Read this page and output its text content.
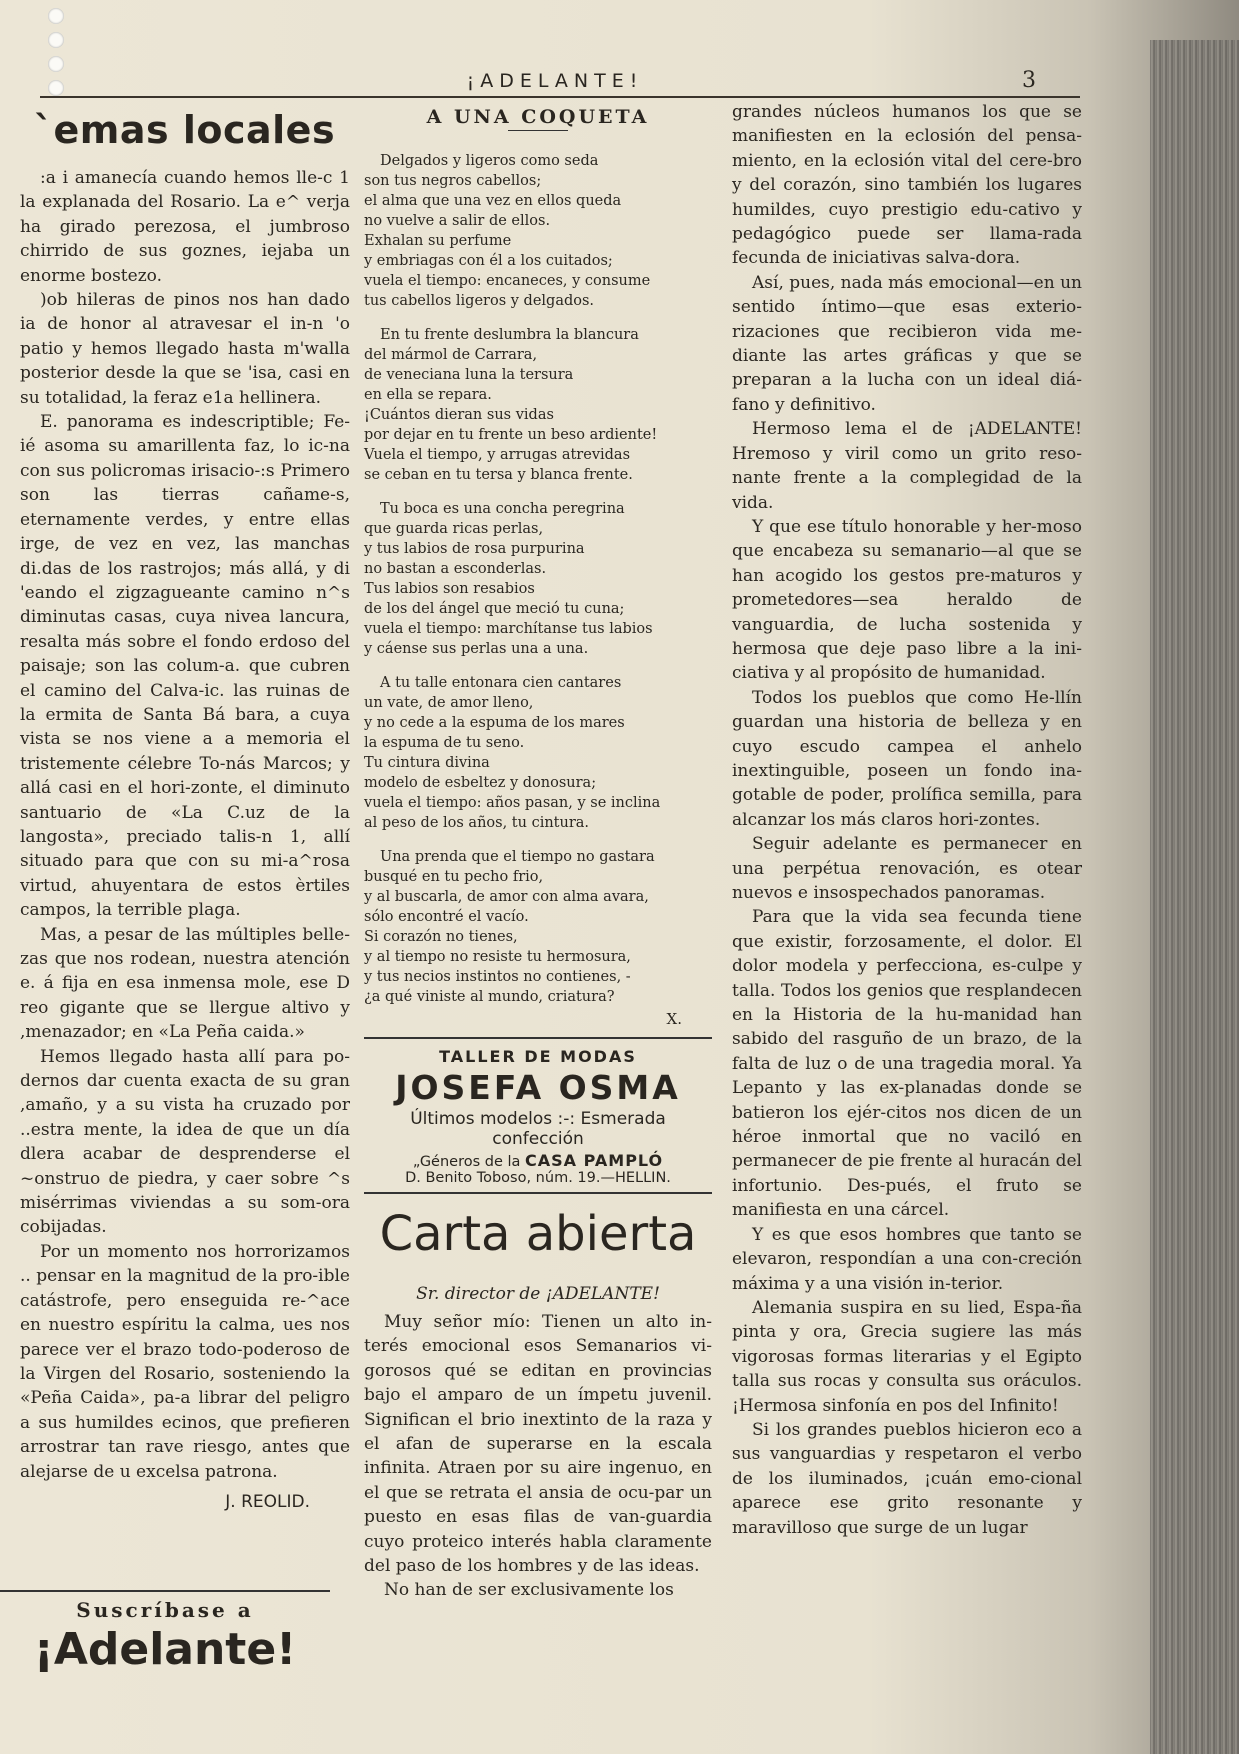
¡ADELANTE!	3
`emas locales

:a i amanecía cuando hemos lle-c 1 la explanada del Rosario. La e^ verja ha girado perezosa, el jumbroso chirrido de sus goznes, iejaba un enorme bostezo.

)ob hileras de pinos nos han dado ia de honor al atravesar el in-n 'o patio y hemos llegado hasta m'walla posterior desde la que se 'isa, casi en su totalidad, la feraz e1a hellinera.

E. panorama es indescriptible; Fe-ié asoma su amarillenta faz, lo ic-na con sus policromas irisacio-:s Primero son las tierras cañame-s, eternamente verdes, y entre ellas irge, de vez en vez, las manchas di.das de los rastrojos; más allá, y di 'eando el zigzagueante camino n^s diminutas casas, cuya nivea lancura, resalta más sobre el fondo erdoso del paisaje; son las colum-a. que cubren el camino del Calva-ic. las ruinas de la ermita de Santa Bá bara, a cuya vista se nos viene a a memoria el tristemente célebre To-nás Marcos; y allá casi en el hori-zonte, el diminuto santuario de «La C.uz de la langosta», preciado talis-n 1, allí situado para que con su mi-a^rosa virtud, ahuyentara de estos èrtiles campos, la terrible plaga.

Mas, a pesar de las múltiples belle-zas que nos rodean, nuestra atención e. á fija en esa inmensa mole, ese D reo gigante que se llergue altivo y ,menazador; en «La Peña caida.»

Hemos llegado hasta allí para po-dernos dar cuenta exacta de su gran ,amaño, y a su vista ha cruzado por ..estra mente, la idea de que un día dlera acabar de desprenderse el ~onstruo de piedra, y caer sobre ^s misérrimas viviendas a su som-ora cobijadas.

Por un momento nos horrorizamos .. pensar en la magnitud de la pro-ible catástrofe, pero enseguida re-^ace en nuestro espíritu la calma, ues nos parece ver el brazo todo-poderoso de la Virgen del Rosario, sosteniendo la «Peña Caida», pa-a librar del peligro a sus humildes ecinos, que prefieren arrostrar tan rave riesgo, antes que alejarse de u excelsa patrona.

J. REOLID.
Suscríbase a
¡Adelante!
A UNA COQUETA
Delgados y ligeros como seda
son tus negros cabellos;
el alma que una vez en ellos queda
no vuelve a salir de ellos.
Exhalan su perfume
y embriagas con él a los cuitados;
vuela el tiempo: encaneces, y consume
tus cabellos ligeros y delgados.
En tu frente deslumbra la blancura
del mármol de Carrara,
de veneciana luna la tersura
en ella se repara.
¡Cuántos dieran sus vidas
por dejar en tu frente un beso ardiente!
Vuela el tiempo, y arrugas atrevidas
se ceban en tu tersa y blanca frente.
Tu boca es una concha peregrina
que guarda ricas perlas,
y tus labios de rosa purpurina
no bastan a esconderlas.
Tus labios son resabios
de los del ángel que meció tu cuna;
vuela el tiempo: marchítanse tus labios
y cáense sus perlas una a una.
A tu talle entonara cien cantares
un vate, de amor lleno,
y no cede a la espuma de los mares
la espuma de tu seno.
Tu cintura divina
modelo de esbeltez y donosura;
vuela el tiempo: años pasan, y se inclina
al peso de los años, tu cintura.
Una prenda que el tiempo no gastara
busqué en tu pecho frio,
y al buscarla, de amor con alma avara,
sólo encontré el vacío.
Si corazón no tienes,
y al tiempo no resiste tu hermosura,
y tus necios instintos no contienes, -
¿a qué viniste al mundo, criatura?
X.
TALLER DE MODAS
JOSEFA OSMA
Últimos modelos :-: Esmerada confección
„Géneros de la CASA PAMPLÓ
D. Benito Toboso, núm. 19.—HELLIN.
Carta abierta
Sr. director de ¡ADELANTE!

Muy señor mío: Tienen un alto in-terés emocional esos Semanarios vi-gorosos qué se editan en provincias bajo el amparo de un ímpetu juvenil. Significan el brio inextinto de la raza y el afan de superarse en la escala infinita. Atraen por su aire ingenuo, en el que se retrata el ansia de ocu-par un puesto en esas filas de van-guardia cuyo proteico interés habla claramente del paso de los hombres y de las ideas.

No han de ser exclusivamente los

grandes núcleos humanos los que se manifiesten en la eclosión del pensa-miento, en la eclosión vital del cere-bro y del corazón, sino también los lugares humildes, cuyo prestigio edu-cativo y pedagógico puede ser llama-rada fecunda de iniciativas salva-dora.

Así, pues, nada más emocional—en un sentido íntimo—que esas exterio-rizaciones que recibieron vida me-diante las artes gráficas y que se preparan a la lucha con un ideal diá-fano y definitivo.

Hermoso lema el de ¡ADELANTE! Hremoso y viril como un grito reso-nante frente a la complegidad de la vida.

Y que ese título honorable y her-moso que encabeza su semanario—al que se han acogido los gestos pre-maturos y prometedores—sea heraldo de vanguardia, de lucha sostenida y hermosa que deje paso libre a la ini-ciativa y al propósito de humanidad.

Todos los pueblos que como He-llín guardan una historia de belleza y en cuyo escudo campea el anhelo inextinguible, poseen un fondo ina-gotable de poder, prolífica semilla, para alcanzar los más claros hori-zontes.

Seguir adelante es permanecer en una perpétua renovación, es otear nuevos e insospechados panoramas.

Para que la vida sea fecunda tiene que existir, forzosamente, el dolor. El dolor modela y perfecciona, es-culpe y talla. Todos los genios que resplandecen en la Historia de la hu-manidad han sabido del rasguño de un brazo, de la falta de luz o de una tragedia moral. Ya Lepanto y las ex-planadas donde se batieron los ejér-citos nos dicen de un héroe inmortal que no vaciló en permanecer de pie frente al huracán del infortunio. Des-pués, el fruto se manifiesta en una cárcel.

Y es que esos hombres que tanto se elevaron, respondían a una con-creción máxima y a una visión in-terior.

Alemania suspira en su lied, Espa-ña pinta y ora, Grecia sugiere las más vigorosas formas literarias y el Egipto talla sus rocas y consulta sus oráculos. ¡Hermosa sinfonía en pos del Infinito!

Si los grandes pueblos hicieron eco a sus vanguardias y respetaron el verbo de los iluminados, ¡cuán emo-cional aparece ese grito resonante y maravilloso que surge de un lugar
